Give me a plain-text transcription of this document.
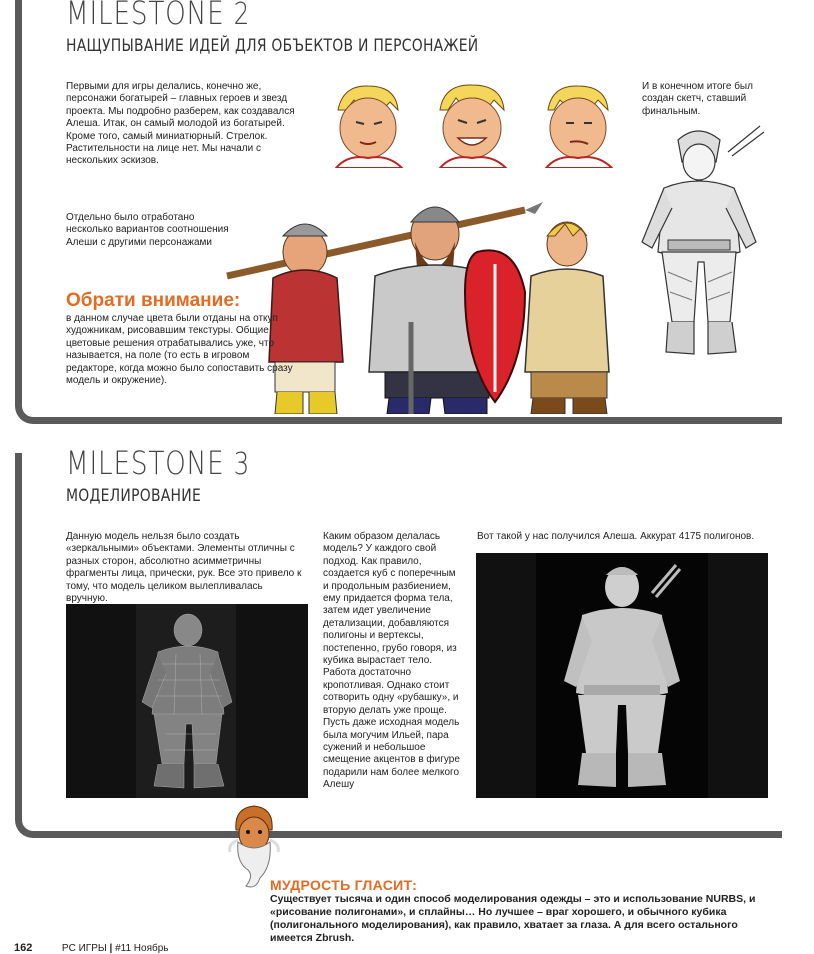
MILESTONE 2
НАЩУПЫВАНИЕ ИДЕЙ ДЛЯ ОБЪЕКТОВ И ПЕРСОНАЖЕЙ
Первыми для игры делались, конечно же, персонажи богатырей – главных героев и звезд проекта. Мы подробно разберем, как создавался Алеша. Итак, он самый молодой из богатырей. Кроме того, самый миниатюрный. Стрелок. Растительности на лице нет. Мы начали с нескольких эскизов.
И в конечном итоге был создан скетч, ставший финальным.
Отдельно было отработано несколько вариантов соотношения Алеши с другими персонажами
Обрати внимание:
в данном случае цвета были отданы на откуп художникам, рисовавшим текстуры. Общие цветовые решения отрабатывались уже, что называется, на поле (то есть в игровом редакторе, когда можно было сопоставить сразу модель и окружение).
MILESTONE 3
МОДЕЛИРОВАНИЕ
Данную модель нельзя было создать «зеркальными» объектами. Элементы отличны с разных сторон, абсолютно асимметричны фрагменты лица, прически, рук. Все это привело к тому, что модель целиком вылепливалась вручную.
Каким образом делалась модель? У каждого свой подход. Как правило, создается куб с поперечным и продольным разбиением, ему придается форма тела, затем идет увеличение детализации, добавляются полигоны и вертексы, постепенно, грубо говоря, из кубика вырастает тело. Работа достаточно кропотливая. Однако стоит сотворить одну «рубашку», и вторую делать уже проще. Пусть даже исходная модель была могучим Ильей, пара сужений и небольшое смещение акцентов в фигуре подарили нам более мелкого Алешу
Вот такой у нас получился Алеша. Аккурат 4175 полигонов.
МУДРОСТЬ ГЛАСИТ:
Существует тысяча и один способ моделирования одежды – это и использование NURBS, и «рисование полигонами», и сплайны… Но лучшее – враг хорошего, и обычного кубика (полигонального моделирования), как правило, хватает за глаза. А для всего остального имеется Zbrush.
162	PC ИГРЫ | #11 Ноябрь
